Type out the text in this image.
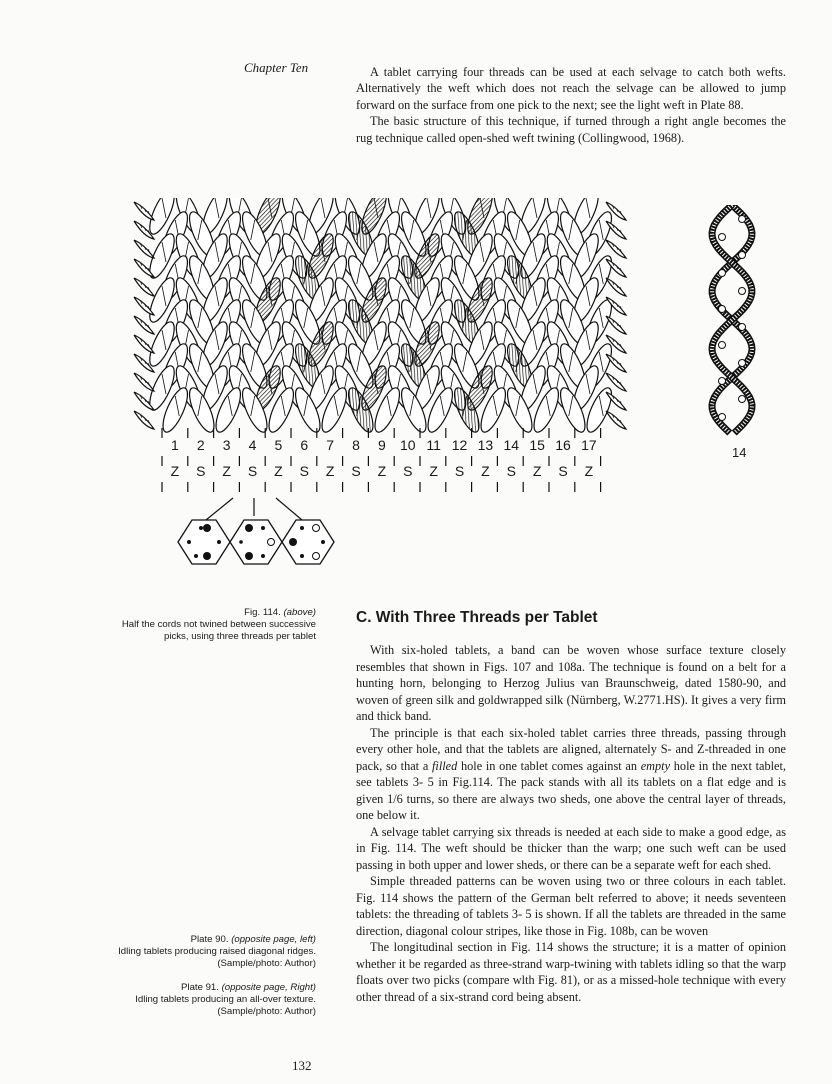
Chapter Ten	A tablet carrying four threads can be used at each selvage to catch both wefts. Alternatively the weft which does not reach the selvage can be allowed to jump forward on the surface from one pick to the next; see the light weft in Plate 88.

The basic structure of this technique, if turned through a right angle becomes the rug technique called open-shed weft twining (Collingwood, 1968).

1	2	3	4	5	6	7	8	9	10 11 12 13 14 15 16 17
Z	S	Z	S	Z	S	Z	S	Z	S	Z	S	Z	S	Z	S	Z
14
Fig. 114. (above)
Half the cords not twined between successive picks, using three threads per tablet
Plate 90. (opposite page, left)
Idling tablets producing raised diagonal ridges. (Sample/photo: Author)
Plate 91. (opposite page, Right)
Idling tablets producing an all-over texture. (Sample/photo: Author)
C. With Three Threads per Tablet

With six-holed tablets, a band can be woven whose surface texture closely resembles that shown in Figs. 107 and 108a. The technique is found on a belt for a hunting horn, belonging to Herzog Julius van Braunschweig, dated 1580-90, and woven of green silk and goldwrapped silk (Nürnberg, W.2771.HS). It gives a very firm and thick band.

The principle is that each six-holed tablet carries three threads, passing through every other hole, and that the tablets are aligned, alternately S- and Z-threaded in one pack, so that a filled hole in one tablet comes against an empty hole in the next tablet, see tablets 3- 5 in Fig.114. The pack stands with all its tablets on a flat edge and is given 1/6 turns, so there are always two sheds, one above the central layer of threads, one below it.

A selvage tablet carrying six threads is needed at each side to make a good edge, as in Fig. 114. The weft should be thicker than the warp; one such weft can be used passing in both upper and lower sheds, or there can be a separate weft for each shed.

Simple threaded patterns can be woven using two or three colours in each tablet. Fig. 114 shows the pattern of the German belt referred to above; it needs seventeen tablets: the threading of tablets 3- 5 is shown. If all the tablets are threaded in the same direction, diagonal colour stripes, like those in Fig. 108b, can be woven

The longitudinal section in Fig. 114 shows the structure; it is a matter of opinion whether it be regarded as three-strand warp-twining with tablets idling so that the warp floats over two picks (compare wlth Fig. 81), or as a missed-hole technique with every other thread of a six-strand cord being absent.

132
